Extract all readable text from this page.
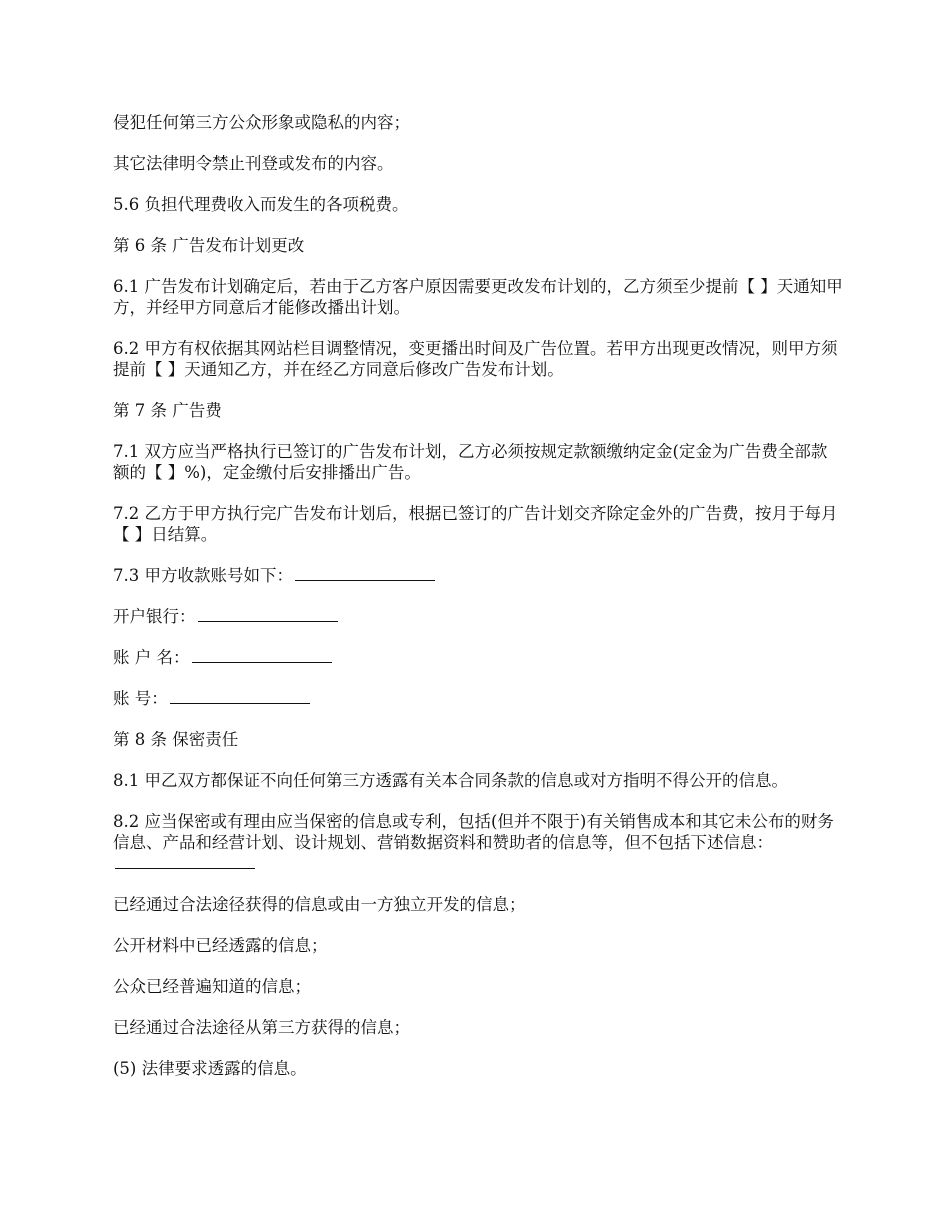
侵犯任何第三方公众形象或隐私的内容；

其它法律明令禁止刊登或发布的内容。

5.6 负担代理费收入而发生的各项税费。

第 6 条 广告发布计划更改

6.1 广告发布计划确定后，若由于乙方客户原因需要更改发布计划的，乙方须至少提前【 】天通知甲方，并经甲方同意后才能修改播出计划。

6.2 甲方有权依据其网站栏目调整情况，变更播出时间及广告位置。若甲方出现更改情况，则甲方须提前【 】天通知乙方，并在经乙方同意后修改广告发布计划。

第 7 条 广告费

7.1 双方应当严格执行已签订的广告发布计划，乙方必须按规定款额缴纳定金(定金为广告费全部款额的【 】%)，定金缴付后安排播出广告。

7.2 乙方于甲方执行完广告发布计划后，根据已签订的广告计划交齐除定金外的广告费，按月于每月【 】日结算。

7.3 甲方收款账号如下：

开户银行：

账 户 名：

账 号：

第 8 条 保密责任

8.1 甲乙双方都保证不向任何第三方透露有关本合同条款的信息或对方指明不得公开的信息。

8.2 应当保密或有理由应当保密的信息或专利，包括(但并不限于)有关销售成本和其它未公布的财务信息、产品和经营计划、设计规划、营销数据资料和赞助者的信息等，但不包括下述信息：

已经通过合法途径获得的信息或由一方独立开发的信息；

公开材料中已经透露的信息；

公众已经普遍知道的信息；

已经通过合法途径从第三方获得的信息；

(5) 法律要求透露的信息。
